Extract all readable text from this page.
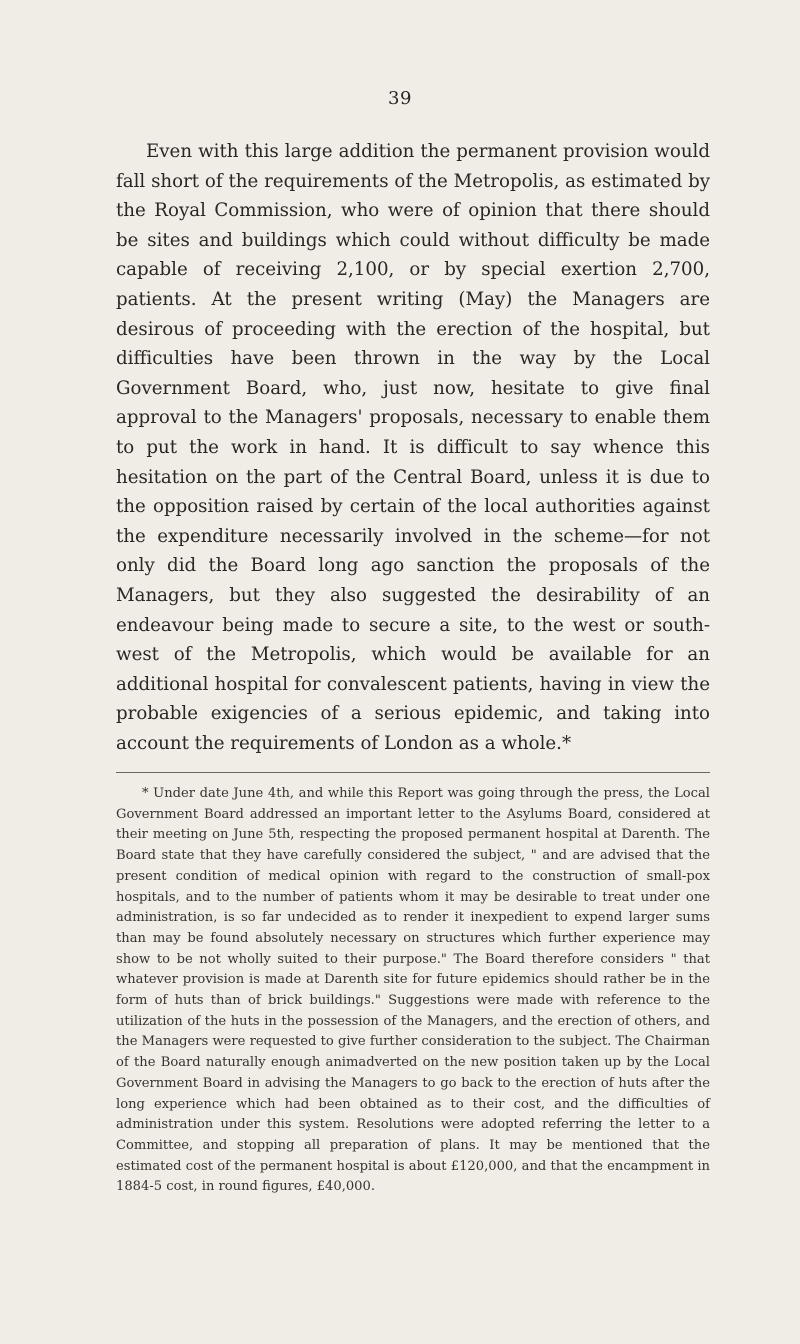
39

Even with this large addition the permanent provision would fall short of the requirements of the Metropolis, as estimated by the Royal Commission, who were of opinion that there should be sites and buildings which could without difficulty be made capable of receiving 2,100, or by special exertion 2,700, patients. At the present writing (May) the Managers are desirous of proceeding with the erection of the hospital, but difficulties have been thrown in the way by the Local Government Board, who, just now, hesitate to give final approval to the Managers' proposals, necessary to enable them to put the work in hand. It is difficult to say whence this hesitation on the part of the Central Board, unless it is due to the opposition raised by certain of the local authorities against the expenditure necessarily involved in the scheme—for not only did the Board long ago sanction the proposals of the Managers, but they also suggested the desirability of an endeavour being made to secure a site, to the west or south-west of the Metropolis, which would be available for an additional hospital for convalescent patients, having in view the probable exigencies of a serious epidemic, and taking into account the requirements of London as a whole.*

* Under date June 4th, and while this Report was going through the press, the Local Government Board addressed an important letter to the Asylums Board, considered at their meeting on June 5th, respecting the proposed permanent hospital at Darenth. The Board state that they have carefully considered the subject, " and are advised that the present condition of medical opinion with regard to the construction of small-pox hospitals, and to the number of patients whom it may be desirable to treat under one administration, is so far undecided as to render it inexpedient to expend larger sums than may be found absolutely necessary on structures which further experience may show to be not wholly suited to their purpose." The Board therefore considers " that whatever provision is made at Darenth site for future epidemics should rather be in the form of huts than of brick buildings." Suggestions were made with reference to the utilization of the huts in the possession of the Managers, and the erection of others, and the Managers were requested to give further consideration to the subject. The Chairman of the Board naturally enough animadverted on the new position taken up by the Local Government Board in advising the Managers to go back to the erection of huts after the long experience which had been obtained as to their cost, and the difficulties of administration under this system. Resolutions were adopted referring the letter to a Committee, and stopping all preparation of plans. It may be mentioned that the estimated cost of the permanent hospital is about £120,000, and that the encampment in 1884-5 cost, in round figures, £40,000.
